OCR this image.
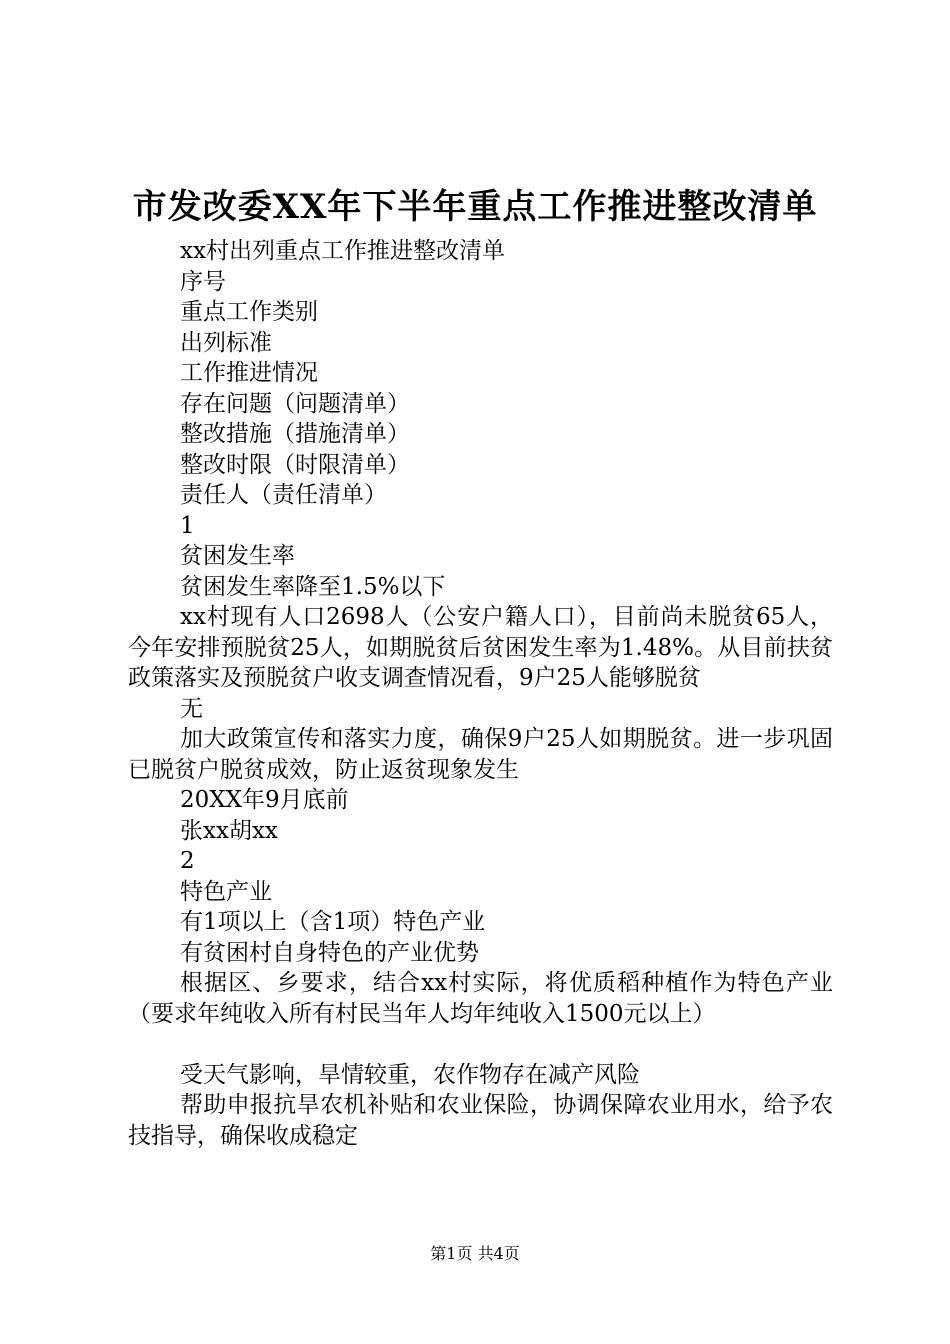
市发改委XX年下半年重点工作推进整改清单

xx村出列重点工作推进整改清单

序号

重点工作类别

出列标准

工作推进情况

存在问题（问题清单）

整改措施（措施清单）

整改时限（时限清单）

责任人（责任清单）

1

贫困发生率

贫困发生率降至1.5%以下

xx村现有人口2698人（公安户籍人口），目前尚未脱贫65人，今年安排预脱贫25人，如期脱贫后贫困发生率为1.48%。从目前扶贫政策落实及预脱贫户收支调查情况看，9户25人能够脱贫

无

加大政策宣传和落实力度，确保9户25人如期脱贫。进一步巩固已脱贫户脱贫成效，防止返贫现象发生

20XX年9月底前

张xx胡xx

2

特色产业

有1项以上（含1项）特色产业

有贫困村自身特色的产业优势

根据区、乡要求，结合xx村实际，将优质稻种植作为特色产业（要求年纯收入所有村民当年人均年纯收入1500元以上）

受天气影响，旱情较重，农作物存在减产风险

帮助申报抗旱农机补贴和农业保险，协调保障农业用水，给予农技指导，确保收成稳定

第1页 共4页
